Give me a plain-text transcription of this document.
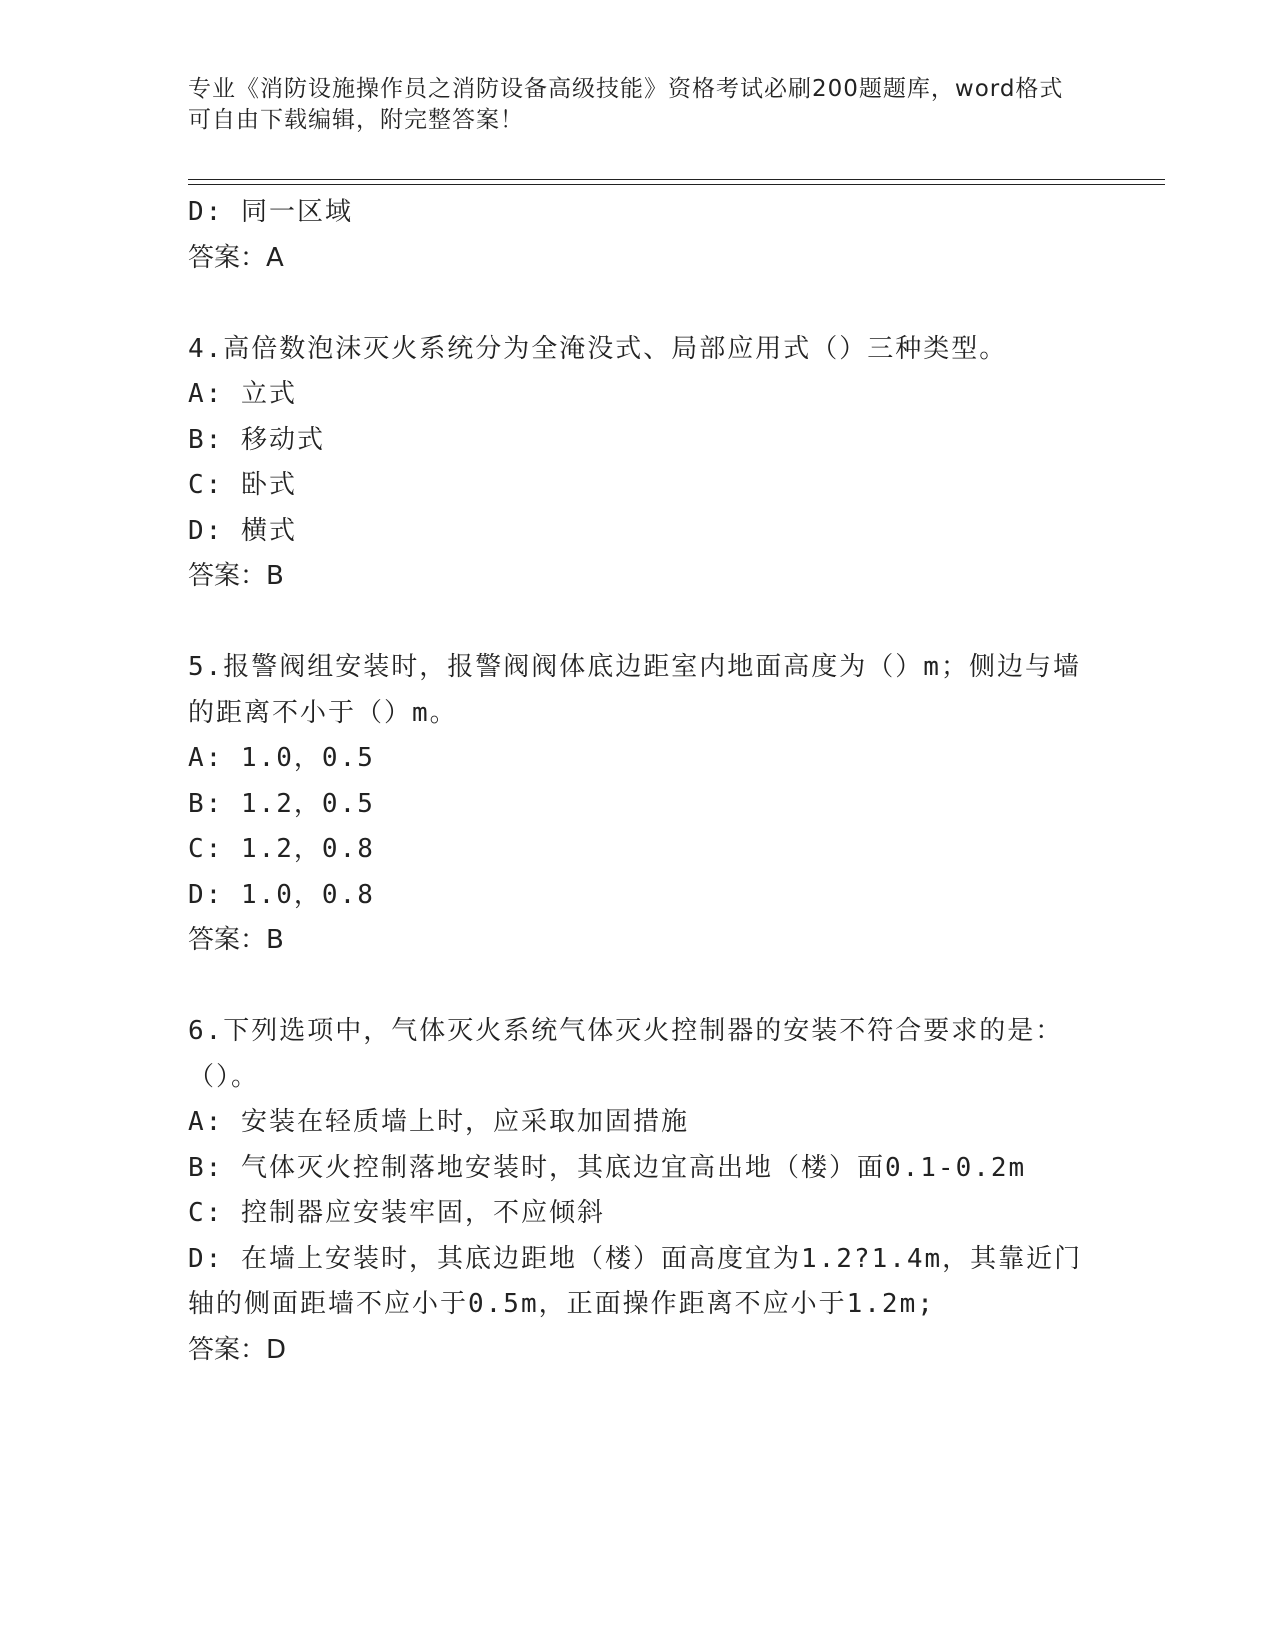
专业《消防设施操作员之消防设备高级技能》资格考试必刷200题题库，word格式可自由下载编辑，附完整答案！
D: 同一区域
答案：A
4.高倍数泡沫灭火系统分为全淹没式、局部应用式（）三种类型。
A: 立式
B: 移动式
C: 卧式
D: 横式
答案：B
5.报警阀组安装时，报警阀阀体底边距室内地面高度为（）m；侧边与墙的距离不小于（）m。
A: 1.0，0.5
B: 1.2，0.5
C: 1.2，0.8
D: 1.0，0.8
答案：B
6.下列选项中，气体灭火系统气体灭火控制器的安装不符合要求的是：（）。
A: 安装在轻质墙上时，应采取加固措施
B: 气体灭火控制落地安装时，其底边宜高出地（楼）面0.1-0.2m
C: 控制器应安装牢固，不应倾斜
D: 在墙上安装时，其底边距地（楼）面高度宜为1.2?1.4m，其靠近门轴的侧面距墙不应小于0.5m，正面操作距离不应小于1.2m;
答案：D
